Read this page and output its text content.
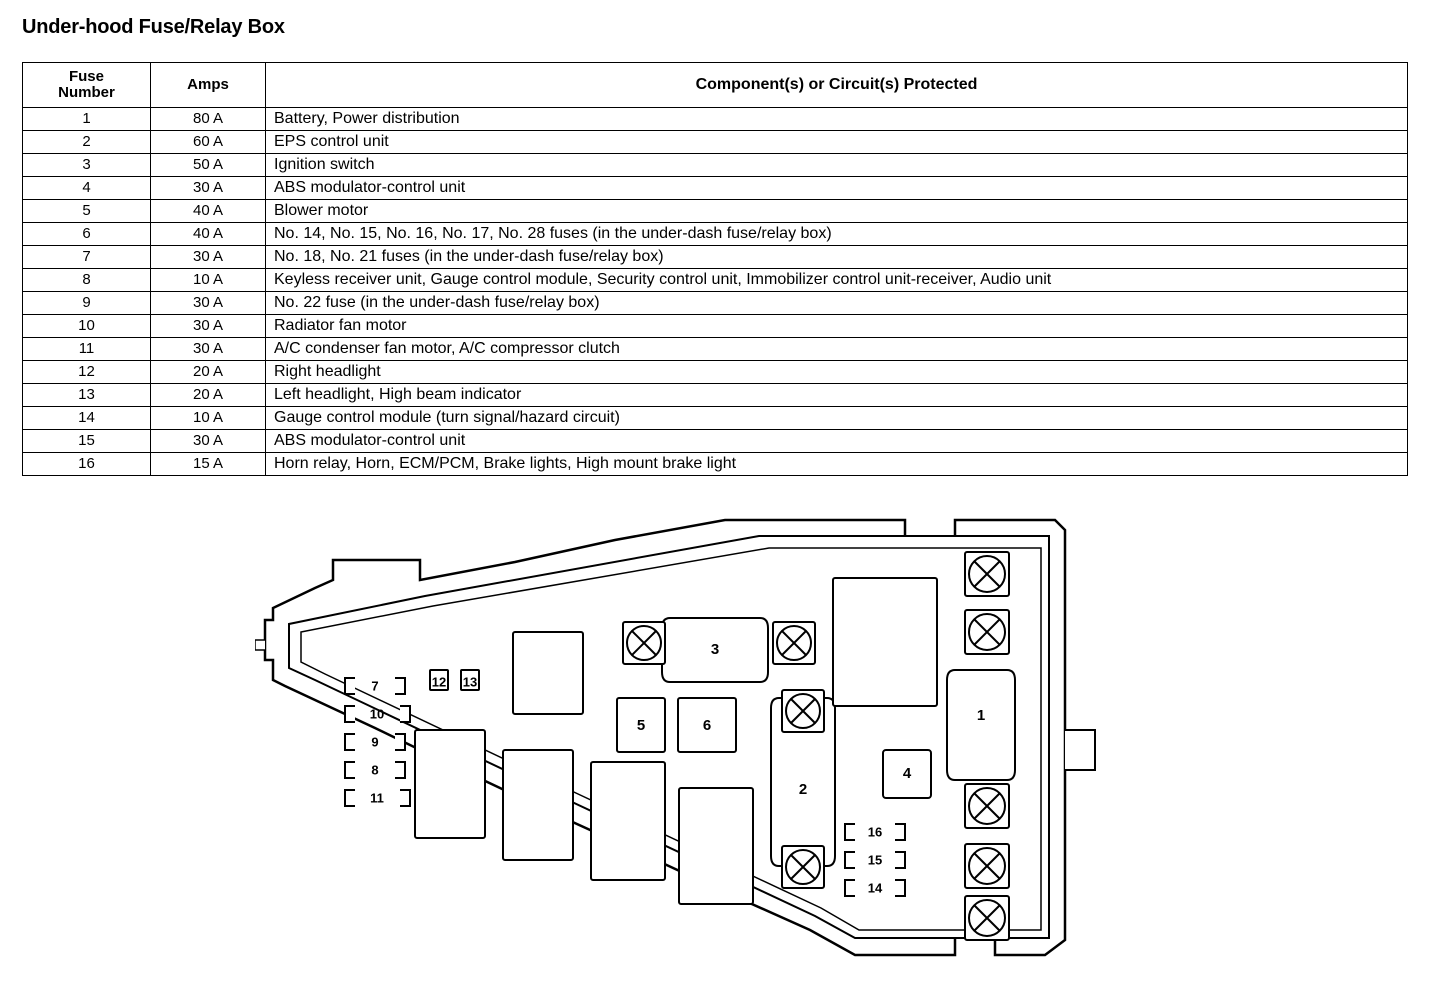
Under-hood Fuse/Relay Box
Fuse
Number	Amps	Component(s) or Circuit(s) Protected
1	80 A	Battery, Power distribution
2	60 A	EPS control unit
3	50 A	Ignition switch
4	30 A	ABS modulator-control unit
5	40 A	Blower motor
6	40 A	No. 14, No. 15, No. 16, No. 17, No. 28 fuses (in the under-dash fuse/relay box)
7	30 A	No. 18, No. 21 fuses (in the under-dash fuse/relay box)
8	10 A	Keyless receiver unit, Gauge control module, Security control unit, Immobilizer control unit-receiver, Audio unit
9	30 A	No. 22 fuse (in the under-dash fuse/relay box)
10	30 A	Radiator fan motor
11	30 A	A/C condenser fan motor, A/C compressor clutch
12	20 A	Right headlight
13	20 A	Left headlight, High beam indicator
14	10 A	Gauge control module (turn signal/hazard circuit)
15	30 A	ABS modulator-control unit
16	15 A	Horn relay, Horn, ECM/PCM, Brake lights, High mount brake light
3
1
2
4
5	6
7
10
9
8
11
12 13
16
15
14
